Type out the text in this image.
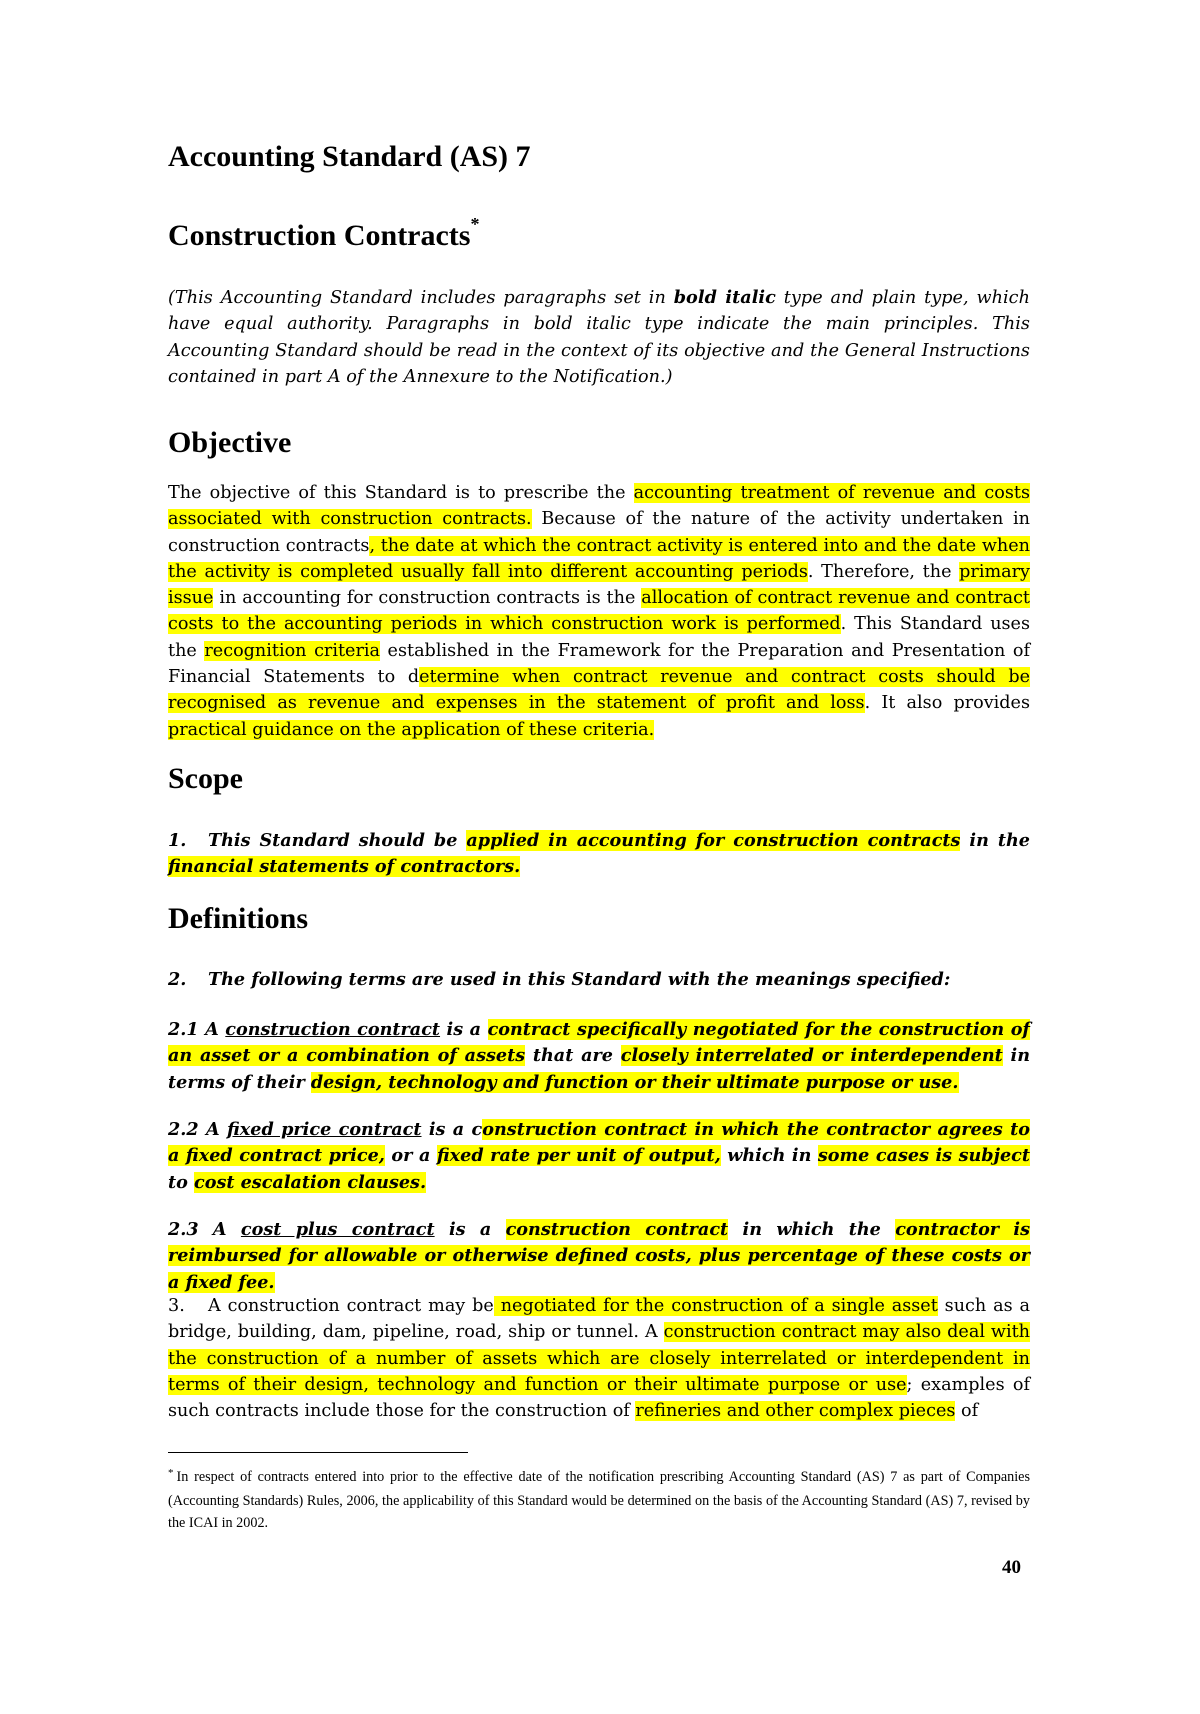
Accounting Standard (AS) 7
Construction Contracts*
(This Accounting Standard includes paragraphs set in bold italic type and plain type, which have equal authority. Paragraphs in bold italic type indicate the main principles. This Accounting Standard should be read in the context of its objective and the General Instructions contained in part A of the Annexure to the Notification.)
Objective
The objective of this Standard is to prescribe the accounting treatment of revenue and costs associated with construction contracts. Because of the nature of the activity undertaken in construction contracts, the date at which the contract activity is entered into and the date when the activity is completed usually fall into different accounting periods. Therefore, the primary issue in accounting for construction contracts is the allocation of contract revenue and contract costs to the accounting periods in which construction work is performed. This Standard uses the recognition criteria established in the Framework for the Preparation and Presentation of Financial Statements to determine when contract revenue and contract costs should be recognised as revenue and expenses in the statement of profit and loss. It also provides practical guidance on the application of these criteria.
Scope
1. This Standard should be applied in accounting for construction contracts in the financial statements of contractors.
Definitions
2. The following terms are used in this Standard with the meanings specified:
2.1 A construction contract is a contract specifically negotiated for the construction of an asset or a combination of assets that are closely interrelated or interdependent in terms of their design, technology and function or their ultimate purpose or use.
2.2 A fixed price contract is a construction contract in which the contractor agrees to a fixed contract price, or a fixed rate per unit of output, which in some cases is subject to cost escalation clauses.
2.3 A cost plus contract is a construction contract in which the contractor is reimbursed for allowable or otherwise defined costs, plus percentage of these costs or a fixed fee.
3. A construction contract may be negotiated for the construction of a single asset such as a bridge, building, dam, pipeline, road, ship or tunnel. A construction contract may also deal with the construction of a number of assets which are closely interrelated or interdependent in terms of their design, technology and function or their ultimate purpose or use; examples of such contracts include those for the construction of refineries and other complex pieces of
* In respect of contracts entered into prior to the effective date of the notification prescribing Accounting Standard (AS) 7 as part of Companies (Accounting Standards) Rules, 2006, the applicability of this Standard would be determined on the basis of the Accounting Standard (AS) 7, revised by the ICAI in 2002.
40
